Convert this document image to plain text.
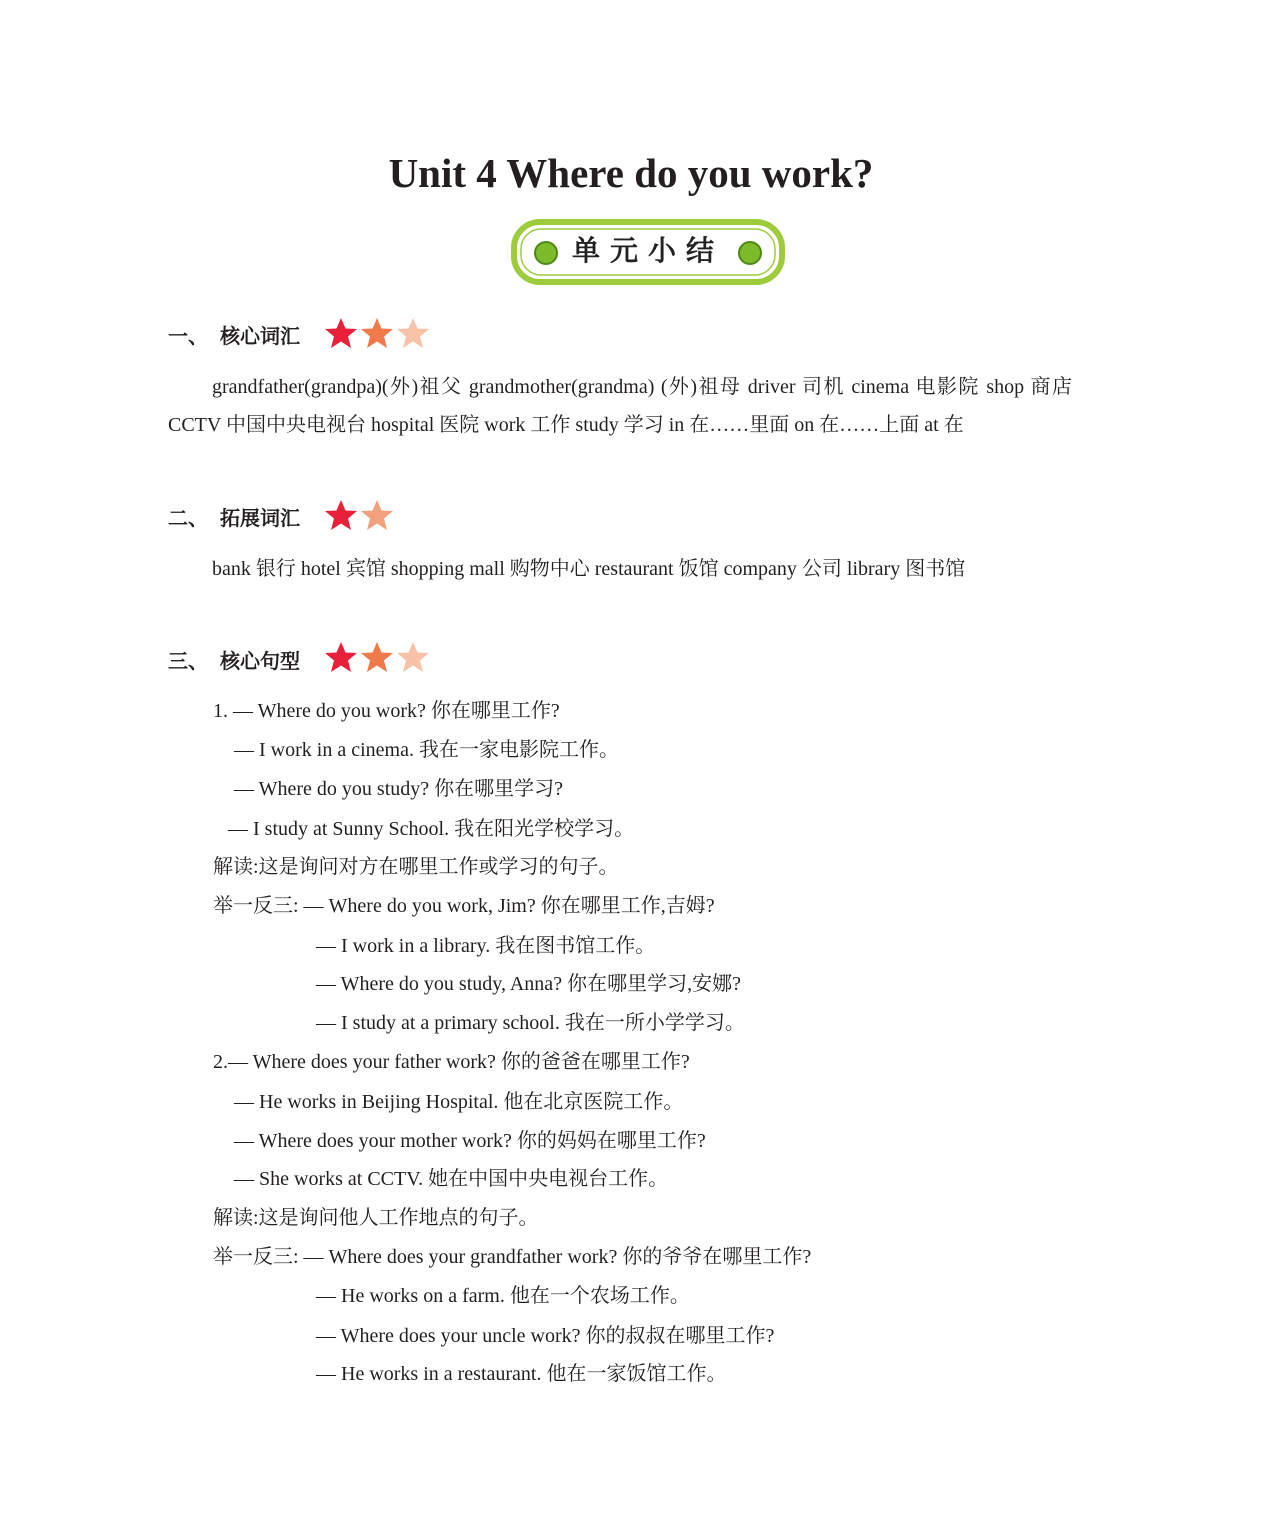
Unit 4 Where do you work?
单元小结
一、 核心词汇
grandfather(grandpa)(外)祖父 grandmother(grandma) (外)祖母 driver 司机 cinema 电影院 shop 商店 CCTV 中国中央电视台 hospital 医院 work 工作 study 学习 in 在……里面 on 在……上面 at 在
二、 拓展词汇
bank 银行 hotel 宾馆 shopping mall 购物中心 restaurant 饭馆 company 公司 library 图书馆
三、 核心句型
1. — Where do you work? 你在哪里工作?
— I work in a cinema. 我在一家电影院工作。
— Where do you study? 你在哪里学习?
— I study at Sunny School. 我在阳光学校学习。
解读:这是询问对方在哪里工作或学习的句子。
举一反三: — Where do you work, Jim? 你在哪里工作,吉姆?
— I work in a library. 我在图书馆工作。
— Where do you study, Anna? 你在哪里学习,安娜?
— I study at a primary school. 我在一所小学学习。
2.— Where does your father work? 你的爸爸在哪里工作?
— He works in Beijing Hospital. 他在北京医院工作。
— Where does your mother work? 你的妈妈在哪里工作?
— She works at CCTV. 她在中国中央电视台工作。
解读:这是询问他人工作地点的句子。
举一反三: — Where does your grandfather work? 你的爷爷在哪里工作?
— He works on a farm. 他在一个农场工作。
— Where does your uncle work? 你的叔叔在哪里工作?
— He works in a restaurant. 他在一家饭馆工作。
